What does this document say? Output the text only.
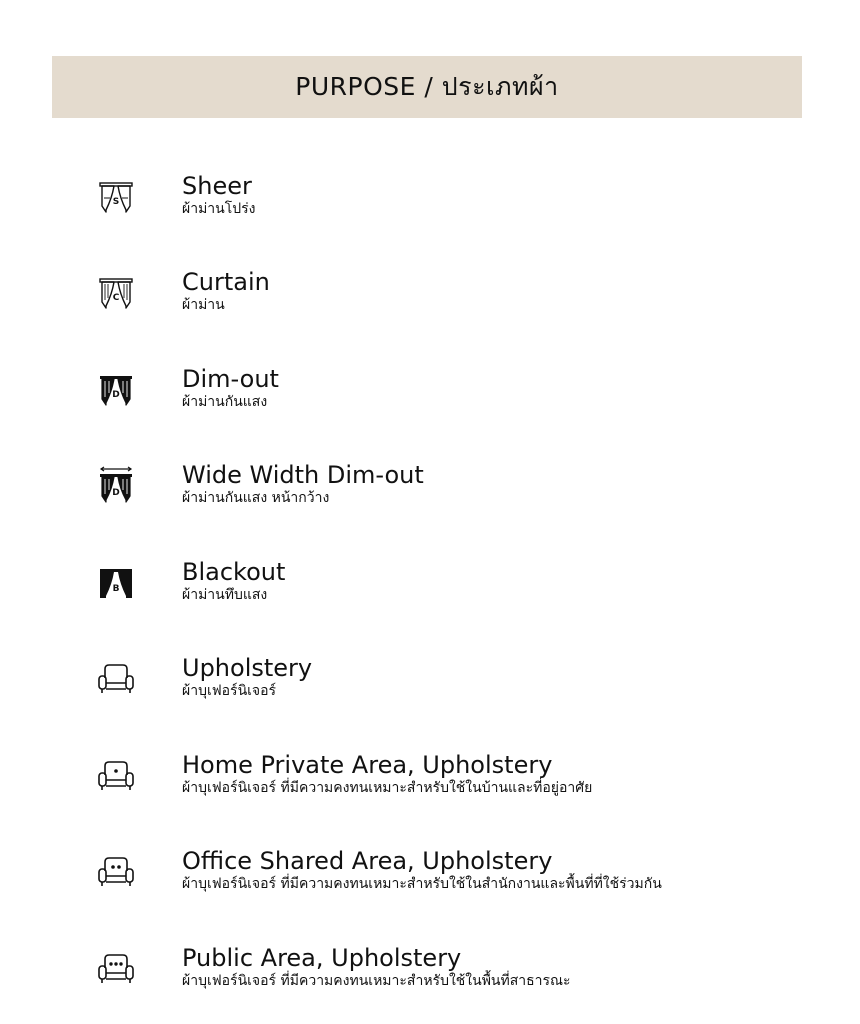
PURPOSE / ประเภทผ้า
S
Sheer
ผ้าม่านโปร่ง
C
Curtain
ผ้าม่าน
D
Dim-out
ผ้าม่านกันแสง
D
Wide Width Dim-out
ผ้าม่านกันแสง หน้ากว้าง
B
Blackout
ผ้าม่านทึบแสง
Upholstery
ผ้าบุเฟอร์นิเจอร์
Home Private Area, Upholstery
ผ้าบุเฟอร์นิเจอร์ ที่มีความคงทนเหมาะสำหรับใช้ในบ้านและที่อยู่อาศัย
Office Shared Area, Upholstery
ผ้าบุเฟอร์นิเจอร์ ที่มีความคงทนเหมาะสำหรับใช้ในสำนักงานและพื้นที่ที่ใช้ร่วมกัน
Public Area, Upholstery
ผ้าบุเฟอร์นิเจอร์ ที่มีความคงทนเหมาะสำหรับใช้ในพื้นที่สาธารณะ
